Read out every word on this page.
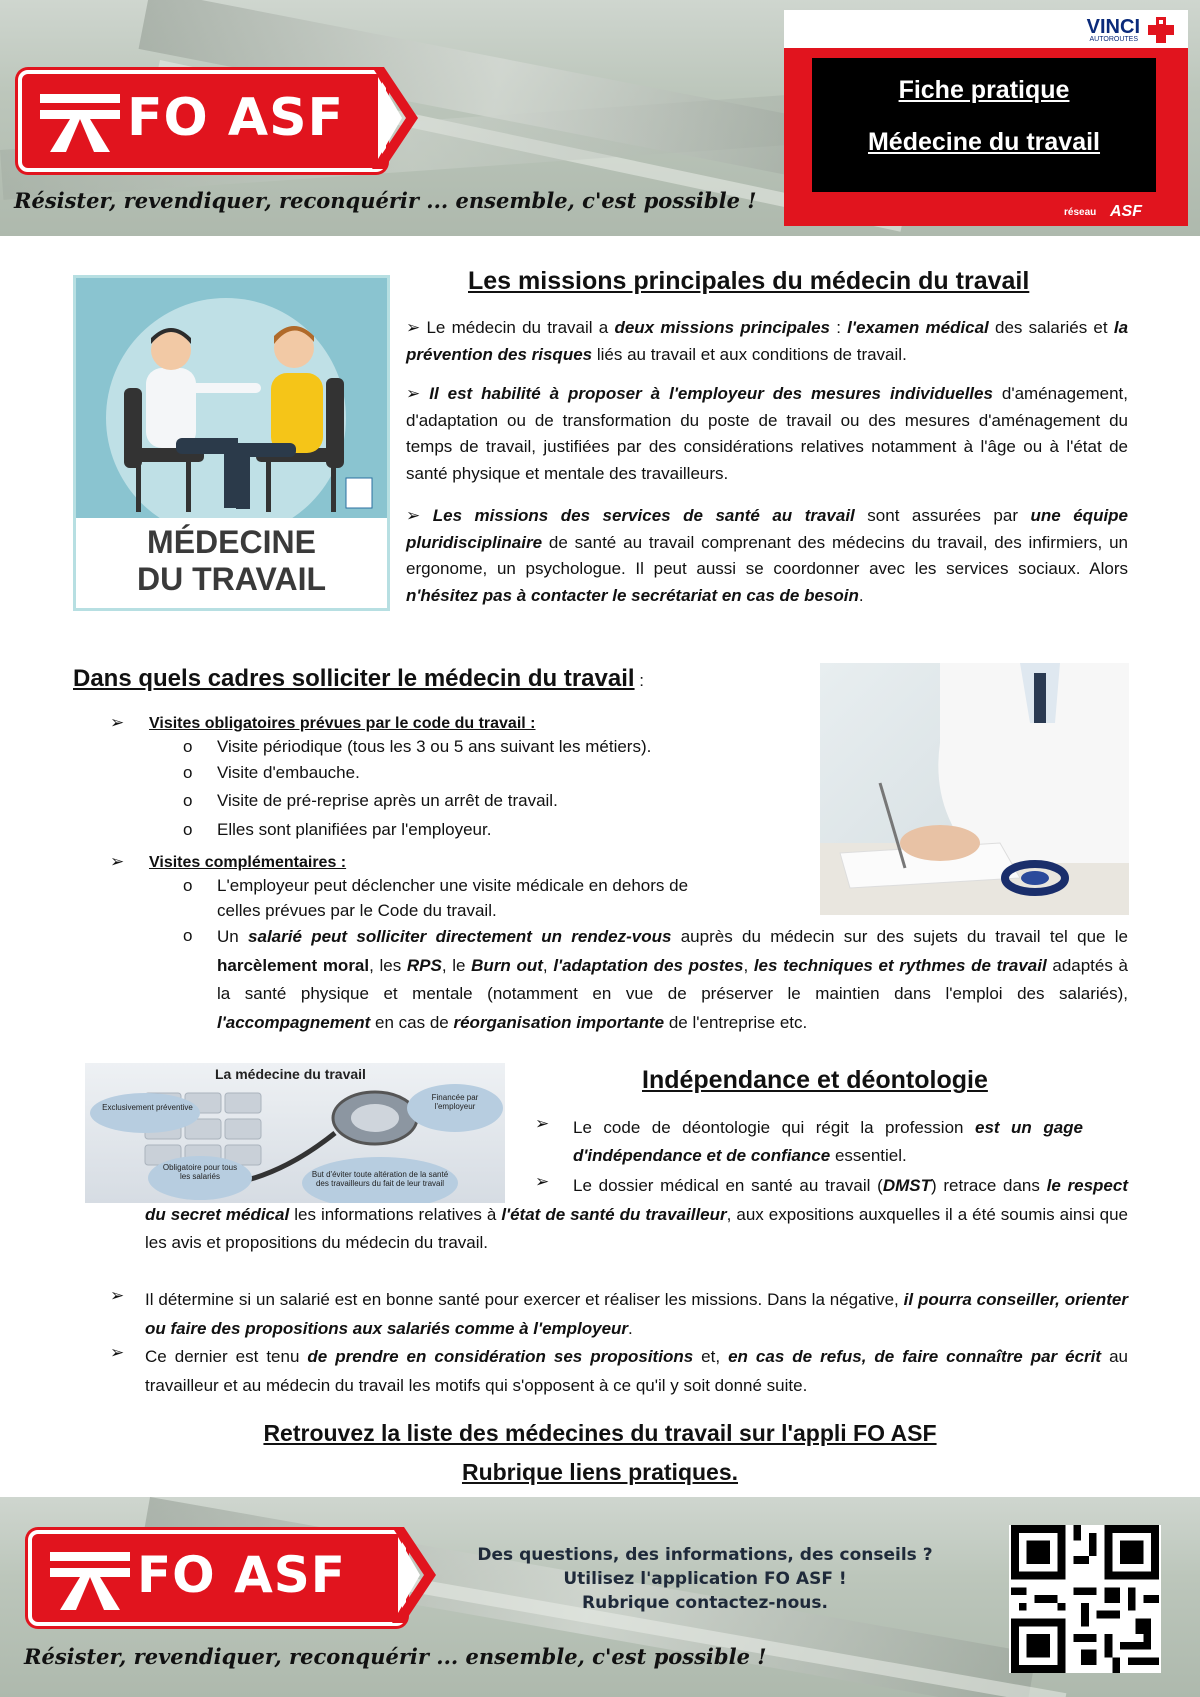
FO ASF
Résister, revendiquer, reconquérir ... ensemble, c'est possible !
VINCI
AUTOROUTES
Fiche pratique
Médecine du travail
réseau ASF
MÉDECINE
DU TRAVAIL
Les missions principales du médecin du travail
➢ Le médecin du travail a deux missions principales : l'examen médical des salariés et la prévention des risques liés au travail et aux conditions de travail.
➢ Il est habilité à proposer à l'employeur des mesures individuelles d'aménagement, d'adaptation ou de transformation du poste de travail ou des mesures d'aménagement du temps de travail, justifiées par des considérations relatives notamment à l'âge ou à l'état de santé physique et mentale des travailleurs.
➢ Les missions des services de santé au travail sont assurées par une équipe pluridisciplinaire de santé au travail comprenant des médecins du travail, des infirmiers, un ergonome, un psychologue. Il peut aussi se coordonner avec les services sociaux. Alors n'hésitez pas à contacter le secrétariat en cas de besoin.
Dans quels cadres solliciter le médecin du travail :
➢ Visites obligatoires prévues par le code du travail :
o Visite périodique (tous les 3 ou 5 ans suivant les métiers).
o Visite d'embauche.
o Visite de pré-reprise après un arrêt de travail.
o Elles sont planifiées par l'employeur.
➢ Visites complémentaires :
o L'employeur peut déclencher une visite médicale en dehors de
celles prévues par le Code du travail.
o Un salarié peut solliciter directement un rendez-vous auprès du médecin sur des sujets du travail tel que le harcèlement moral, les RPS, le Burn out, l'adaptation des postes, les techniques et rythmes de travail adaptés à la santé physique et mentale (notamment en vue de préserver le maintien dans l'emploi des salariés), l'accompagnement en cas de réorganisation importante de l'entreprise etc.
La médecine du travail
Exclusivement préventive
Financée par l'employeur
Obligatoire pour tous les salariés	But d'éviter toute altération de la santé des travailleurs du fait de leur travail
Indépendance et déontologie
➢ Le code de déontologie qui régit la profession est un gage d'indépendance et de confiance essentiel.
➢	Le dossier médical en santé au travail (DMST) retrace dans le respect du secret médical les informations relatives à l'état de santé du travailleur, aux expositions auxquelles il a été soumis ainsi que les avis et propositions du médecin du travail.
➢ Il détermine si un salarié est en bonne santé pour exercer et réaliser les missions. Dans la négative, il pourra conseiller, orienter ou faire des propositions aux salariés comme à l'employeur.
➢ Ce dernier est tenu de prendre en considération ses propositions et, en cas de refus, de faire connaître par écrit au travailleur et au médecin du travail les motifs qui s'opposent à ce qu'il y soit donné suite.
Retrouvez la liste des médecines du travail sur l'appli FO ASF
Rubrique liens pratiques.
FO ASF	Des questions, des informations, des conseils ?
Utilisez l'application FO ASF !
Rubrique contactez-nous.
Résister, revendiquer, reconquérir ... ensemble, c'est possible !
